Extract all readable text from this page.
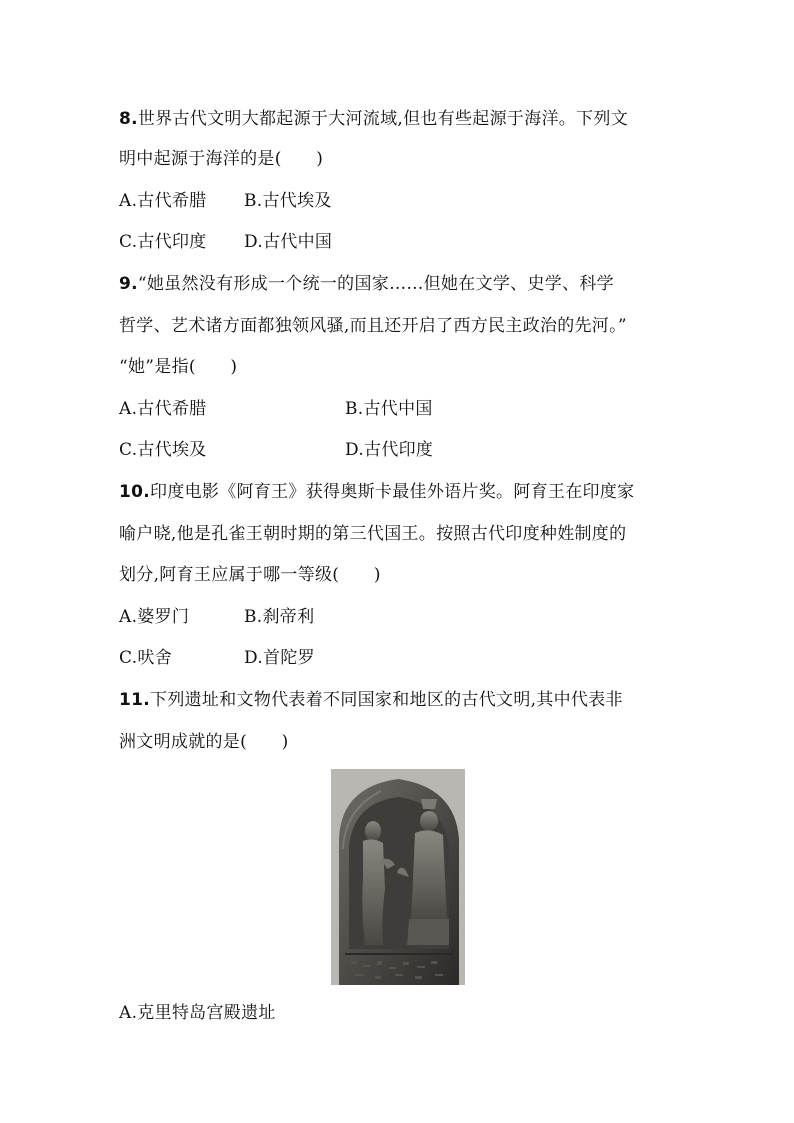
8.世界古代文明大都起源于大河流域,但也有些起源于海洋。下列文
明中起源于海洋的是(　　)
A.古代希腊 B.古代埃及
C.古代印度 D.古代中国
9.“她虽然没有形成一个统一的国家……但她在文学、史学、科学
哲学、艺术诸方面都独领风骚,而且还开启了西方民主政治的先河。”
“她”是指(　　)
A.古代希腊	B.古代中国
C.古代埃及	D.古代印度
10.印度电影《阿育王》获得奥斯卡最佳外语片奖。阿育王在印度家
喻户晓,他是孔雀王朝时期的第三代国王。按照古代印度种姓制度的
划分,阿育王应属于哪一等级(　　)
A.婆罗门	B.刹帝利
C.吠舍	D.首陀罗
11.下列遗址和文物代表着不同国家和地区的古代文明,其中代表非
洲文明成就的是(　　)
A.克里特岛宫殿遗址
